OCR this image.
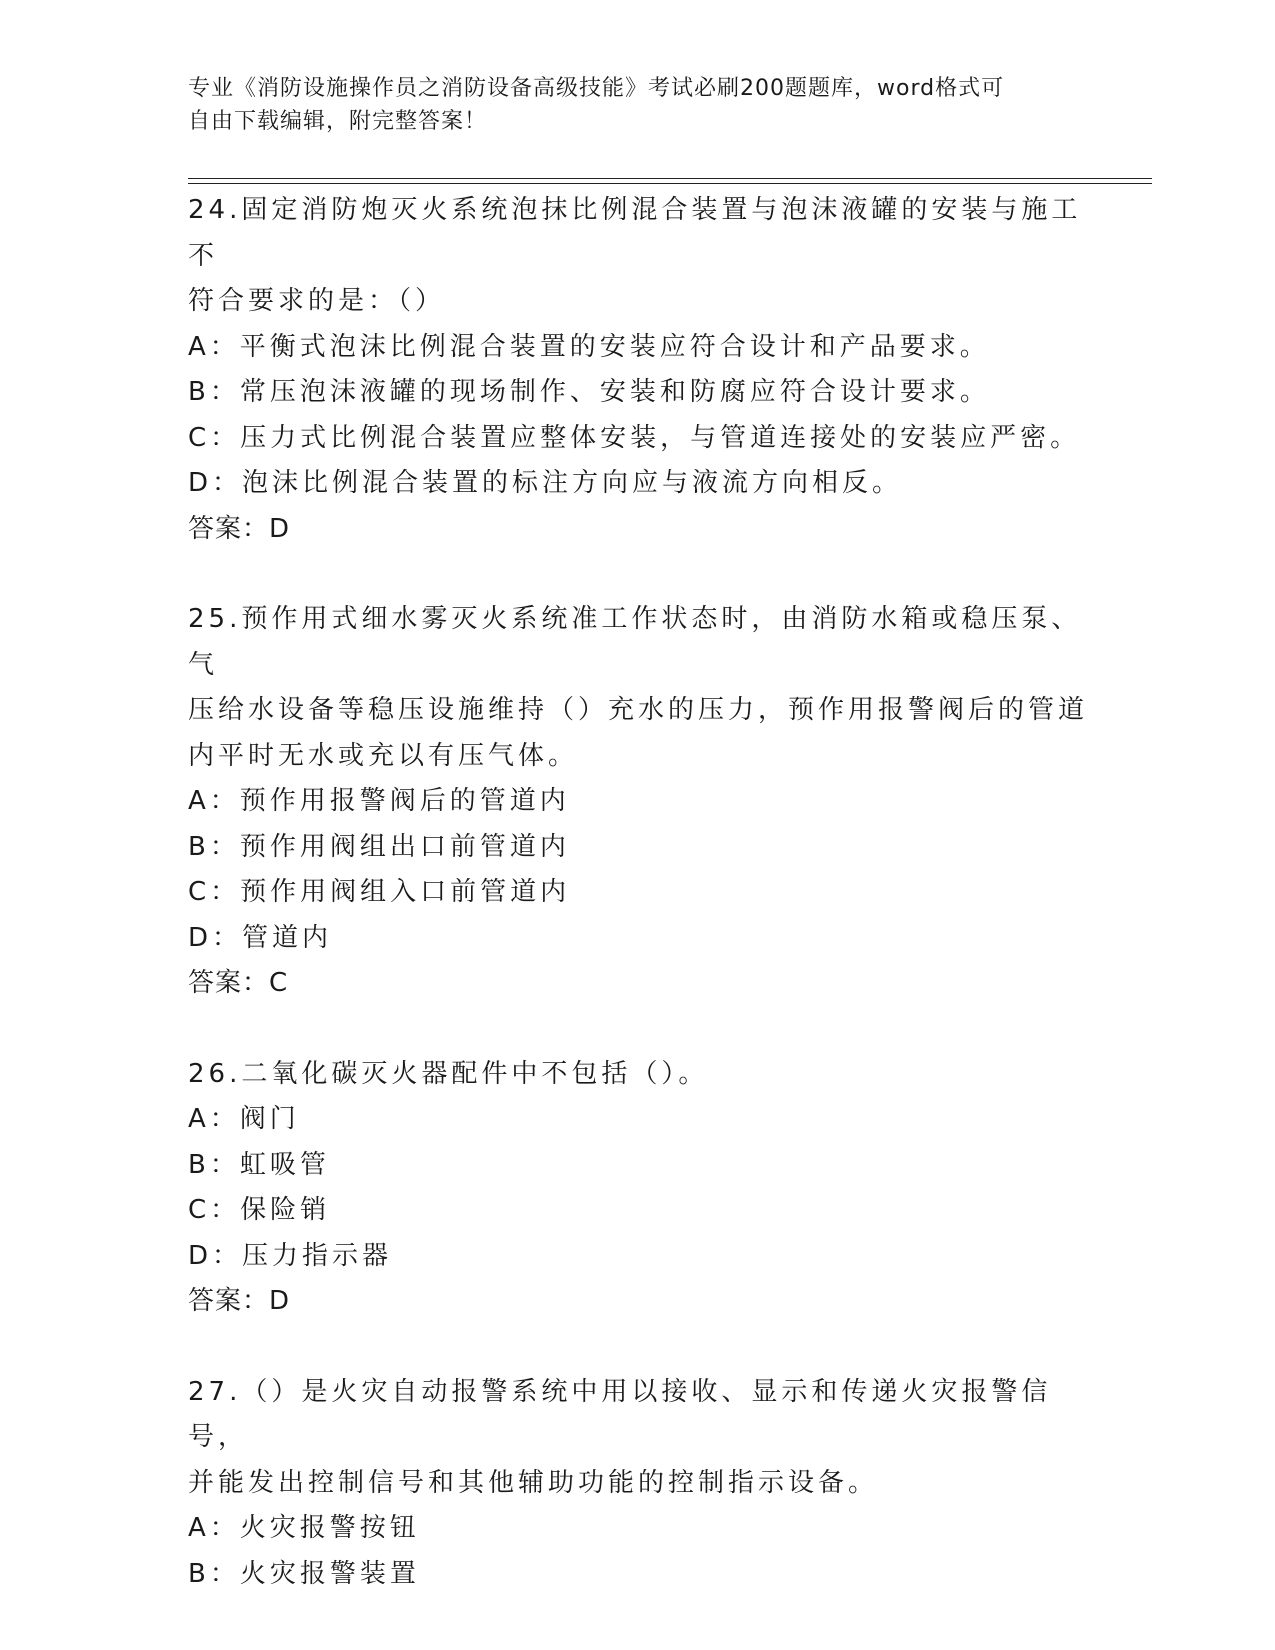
专业《消防设施操作员之消防设备高级技能》考试必刷200题题库，word格式可
自由下载编辑，附完整答案！
24.固定消防炮灭火系统泡抹比例混合装置与泡沫液罐的安装与施工不
符合要求的是：（）
A：平衡式泡沫比例混合装置的安装应符合设计和产品要求。
B：常压泡沫液罐的现场制作、安装和防腐应符合设计要求。
C：压力式比例混合装置应整体安装，与管道连接处的安装应严密。
D：泡沫比例混合装置的标注方向应与液流方向相反。
答案：D
25.预作用式细水雾灭火系统准工作状态时，由消防水箱或稳压泵、气
压给水设备等稳压设施维持（）充水的压力，预作用报警阀后的管道
内平时无水或充以有压气体。
A：预作用报警阀后的管道内
B：预作用阀组出口前管道内
C：预作用阀组入口前管道内
D：管道内
答案：C
26.二氧化碳灭火器配件中不包括（）。
A：阀门
B：虹吸管
C：保险销
D：压力指示器
答案：D
27.（）是火灾自动报警系统中用以接收、显示和传递火灾报警信号，
并能发出控制信号和其他辅助功能的控制指示设备。
A：火灾报警按钮
B：火灾报警装置
